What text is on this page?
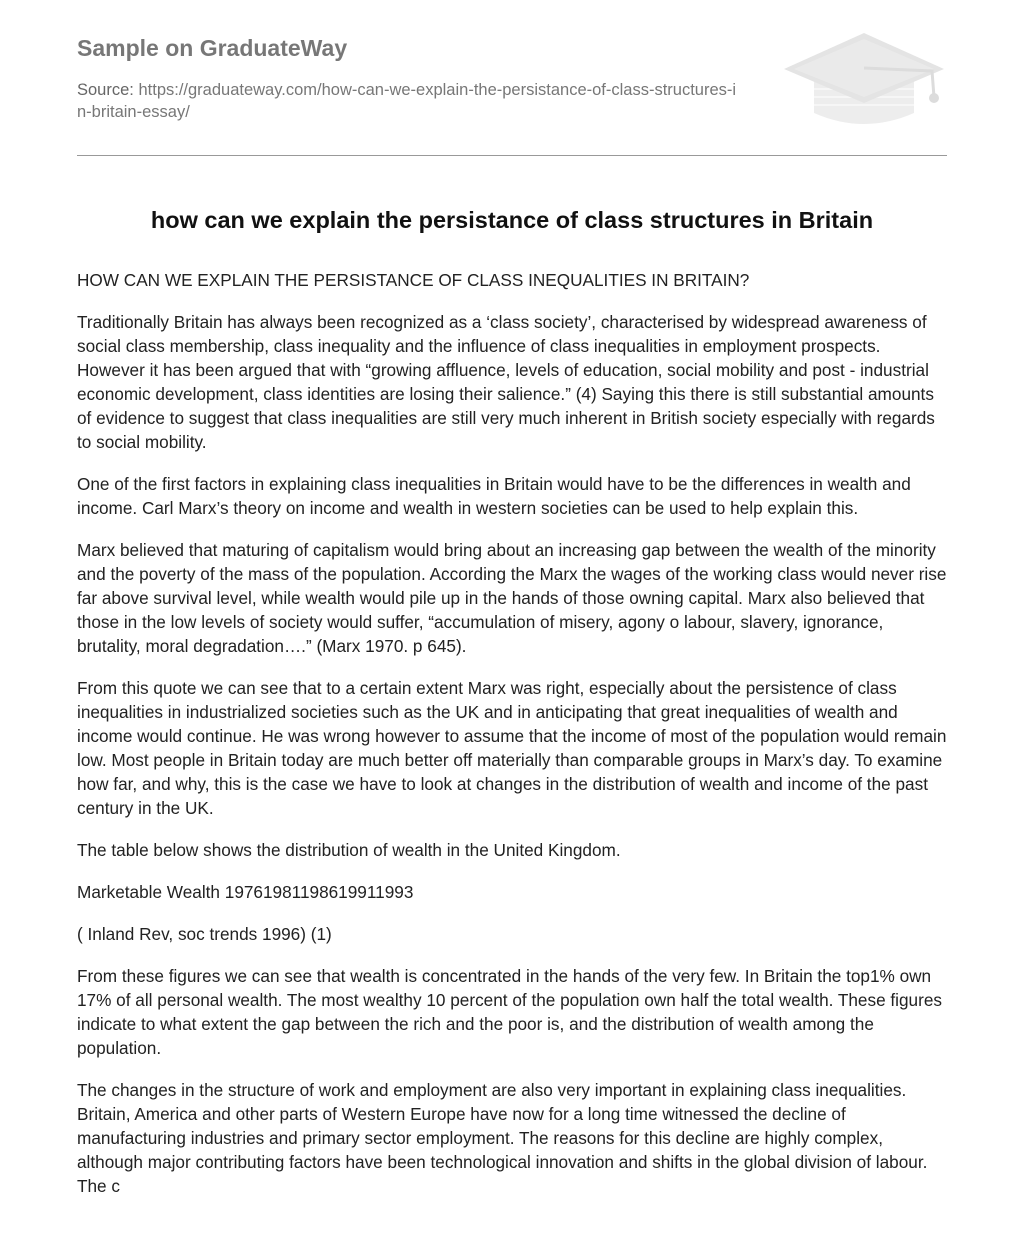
Sample on GraduateWay
Source: https://graduateway.com/how-can-we-explain-the-persistance-of-class-structures-in-britain-essay/
how can we explain the persistance of class structures in Britain

HOW CAN WE EXPLAIN THE PERSISTANCE OF CLASS INEQUALITIES IN BRITAIN?

Traditionally Britain has always been recognized as a ‘class society’, characterised by widespread awareness of social class membership, class inequality and the influence of class inequalities in employment prospects. However it has been argued that with “growing affluence, levels of education, social mobility and post - industrial economic development, class identities are losing their salience.” (4) Saying this there is still substantial amounts of evidence to suggest that class inequalities are still very much inherent in British society especially with regards to social mobility.

One of the first factors in explaining class inequalities in Britain would have to be the differences in wealth and income. Carl Marx’s theory on income and wealth in western societies can be used to help explain this.

Marx believed that maturing of capitalism would bring about an increasing gap between the wealth of the minority and the poverty of the mass of the population. According the Marx the wages of the working class would never rise far above survival level, while wealth would pile up in the hands of those owning capital. Marx also believed that those in the low levels of society would suffer, “accumulation of misery, agony o labour, slavery, ignorance, brutality, moral degradation….” (Marx 1970. p 645).

From this quote we can see that to a certain extent Marx was right, especially about the persistence of class inequalities in industrialized societies such as the UK and in anticipating that great inequalities of wealth and income would continue. He was wrong however to assume that the income of most of the population would remain low. Most people in Britain today are much better off materially than comparable groups in Marx’s day. To examine how far, and why, this is the case we have to look at changes in the distribution of wealth and income of the past century in the UK.

The table below shows the distribution of wealth in the United Kingdom.

Marketable Wealth 19761981198619911993

( Inland Rev, soc trends 1996) (1)

From these figures we can see that wealth is concentrated in the hands of the very few. In Britain the top1% own 17% of all personal wealth. The most wealthy 10 percent of the population own half the total wealth. These figures indicate to what extent the gap between the rich and the poor is, and the distribution of wealth among the population.

The changes in the structure of work and employment are also very important in explaining class inequalities. Britain, America and other parts of Western Europe have now for a long time witnessed the decline of manufacturing industries and primary sector employment. The reasons for this decline are highly complex, although major contributing factors have been technological innovation and shifts in the global division of labour. The c
